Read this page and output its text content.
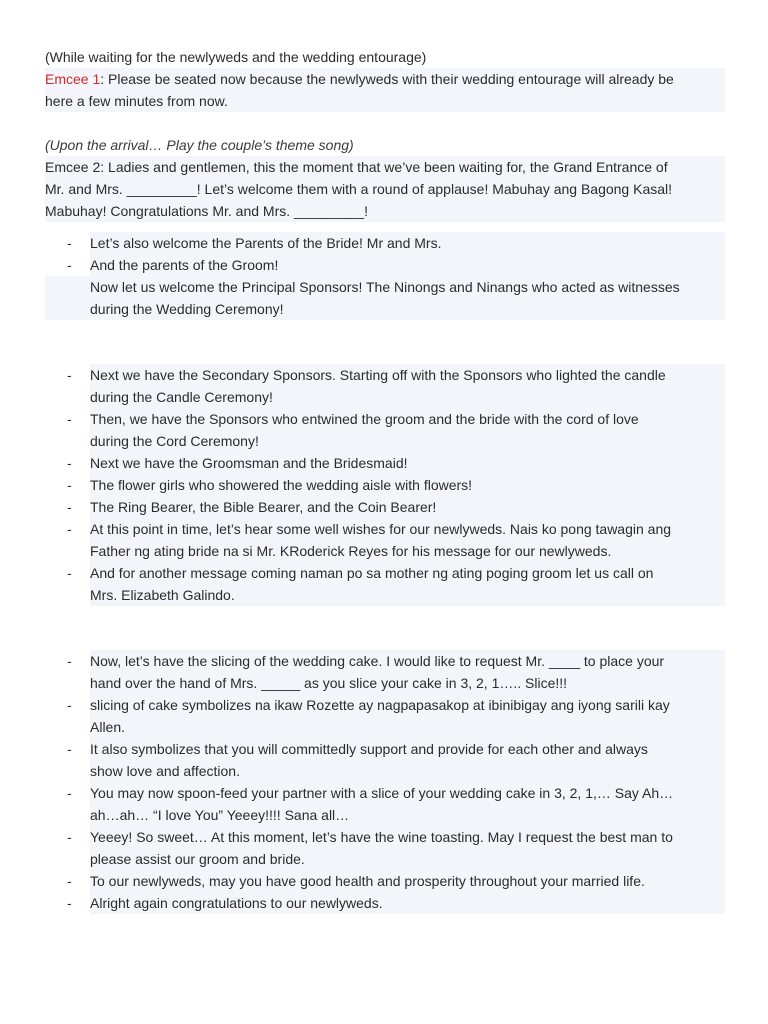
(While waiting for the newlyweds and the wedding entourage)
Emcee 1: Please be seated now because the newlyweds with their wedding entourage will already be
here a few minutes from now.
(Upon the arrival… Play the couple’s theme song)
Emcee 2: Ladies and gentlemen, this the moment that we’ve been waiting for, the Grand Entrance of
Mr. and Mrs. _________! Let’s welcome them with a round of applause! Mabuhay ang Bagong Kasal!
Mabuhay! Congratulations Mr. and Mrs. _________!
- Let’s also welcome the Parents of the Bride! Mr and Mrs.
- And the parents of the Groom!
Now let us welcome the Principal Sponsors! The Ninongs and Ninangs who acted as witnesses
during the Wedding Ceremony!
- Next we have the Secondary Sponsors. Starting off with the Sponsors who lighted the candle
during the Candle Ceremony!
- Then, we have the Sponsors who entwined the groom and the bride with the cord of love
during the Cord Ceremony!
- Next we have the Groomsman and the Bridesmaid!
- The flower girls who showered the wedding aisle with flowers!
- The Ring Bearer, the Bible Bearer, and the Coin Bearer!
- At this point in time, let’s hear some well wishes for our newlyweds. Nais ko pong tawagin ang
Father ng ating bride na si Mr. KRoderick Reyes for his message for our newlyweds.
- And for another message coming naman po sa mother ng ating poging groom let us call on
Mrs. Elizabeth Galindo.
- Now, let’s have the slicing of the wedding cake. I would like to request Mr. ____ to place your
hand over the hand of Mrs. _____ as you slice your cake in 3, 2, 1….. Slice!!!
- slicing of cake symbolizes na ikaw Rozette ay nagpapasakop at ibinibigay ang iyong sarili kay
Allen.
- It also symbolizes that you will committedly support and provide for each other and always
show love and affection.
- You may now spoon-feed your partner with a slice of your wedding cake in 3, 2, 1,… Say Ah…
ah…ah… “I love You” Yeeey!!!! Sana all…
- Yeeey! So sweet… At this moment, let’s have the wine toasting. May I request the best man to
please assist our groom and bride.
- To our newlyweds, may you have good health and prosperity throughout your married life.
- Alright again congratulations to our newlyweds.
